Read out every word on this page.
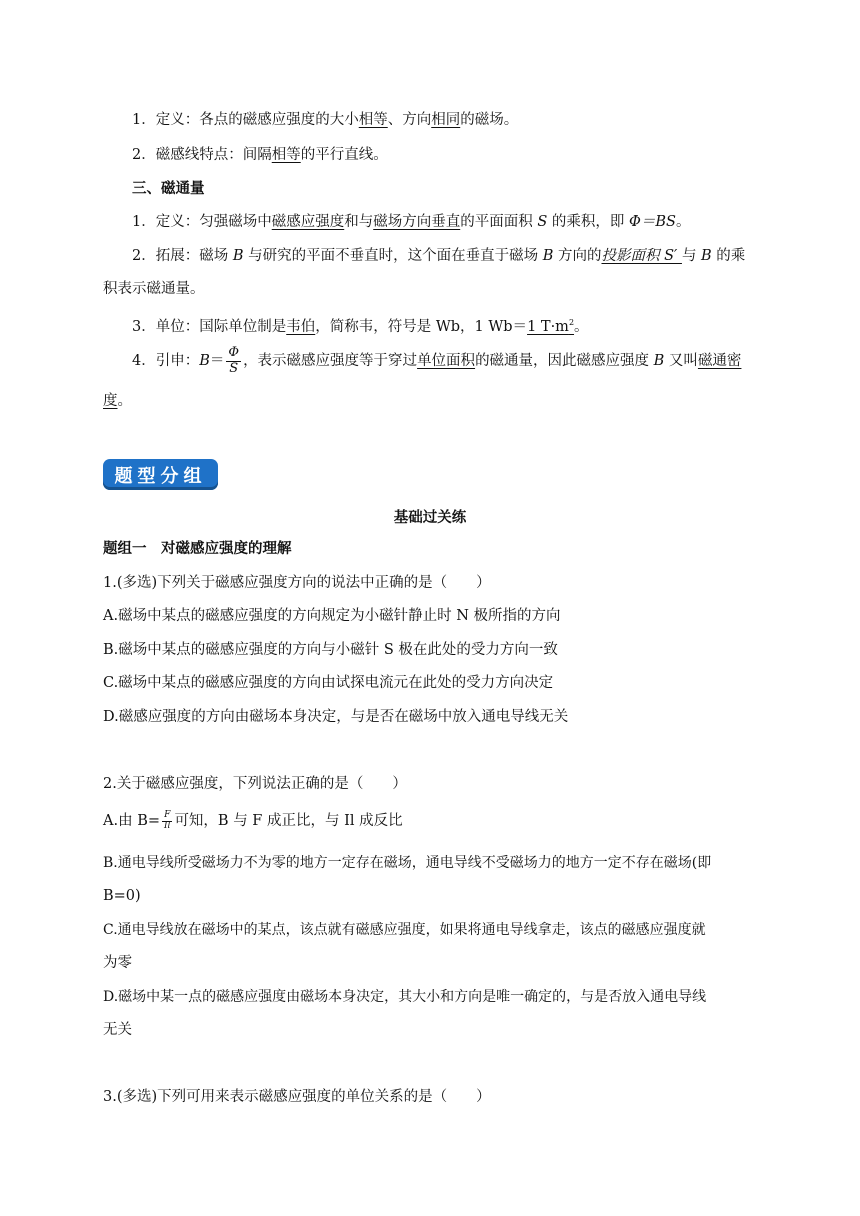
1．定义：各点的磁感应强度的大小相等、方向相同的磁场。
2．磁感线特点：间隔相等的平行直线。
三、磁通量
1．定义：匀强磁场中磁感应强度和与磁场方向垂直的平面面积 S 的乘积，即 Φ＝BS。
2．拓展：磁场 B 与研究的平面不垂直时，这个面在垂直于磁场 B 方向的投影面积 S′ 与 B 的乘
积表示磁通量。
3．单位：国际单位制是韦伯，简称韦，符号是 Wb，1 Wb＝1 $T\cdot m^2$。
4．引申：$B= \frac{\Phi}{S}$ ，表示磁感应强度等于穿过单位面积的磁通量，因此磁感应强度 B 又叫磁通密
度。
题型分组
基础过关练
题组一　对磁感应强度的理解
1.(多选)下列关于磁感应强度方向的说法中正确的是（　　）
A.磁场中某点的磁感应强度的方向规定为小磁针静止时 N 极所指的方向
B.磁场中某点的磁感应强度的方向与小磁针 S 极在此处的受力方向一致
C.磁场中某点的磁感应强度的方向由试探电流元在此处的受力方向决定
D.磁感应强度的方向由磁场本身决定，与是否在磁场中放入通电导线无关
2.关于磁感应强度，下列说法正确的是（　　）
A.由 $B= \frac{F}{Il}$ 可知，B 与 F 成正比，与 Il 成反比
B.通电导线所受磁场力不为零的地方一定存在磁场，通电导线不受磁场力的地方一定不存在磁场(即
B=0)
C.通电导线放在磁场中的某点，该点就有磁感应强度，如果将通电导线拿走，该点的磁感应强度就
为零
D.磁场中某一点的磁感应强度由磁场本身决定，其大小和方向是唯一确定的，与是否放入通电导线
无关
3.(多选)下列可用来表示磁感应强度的单位关系的是（　　）
